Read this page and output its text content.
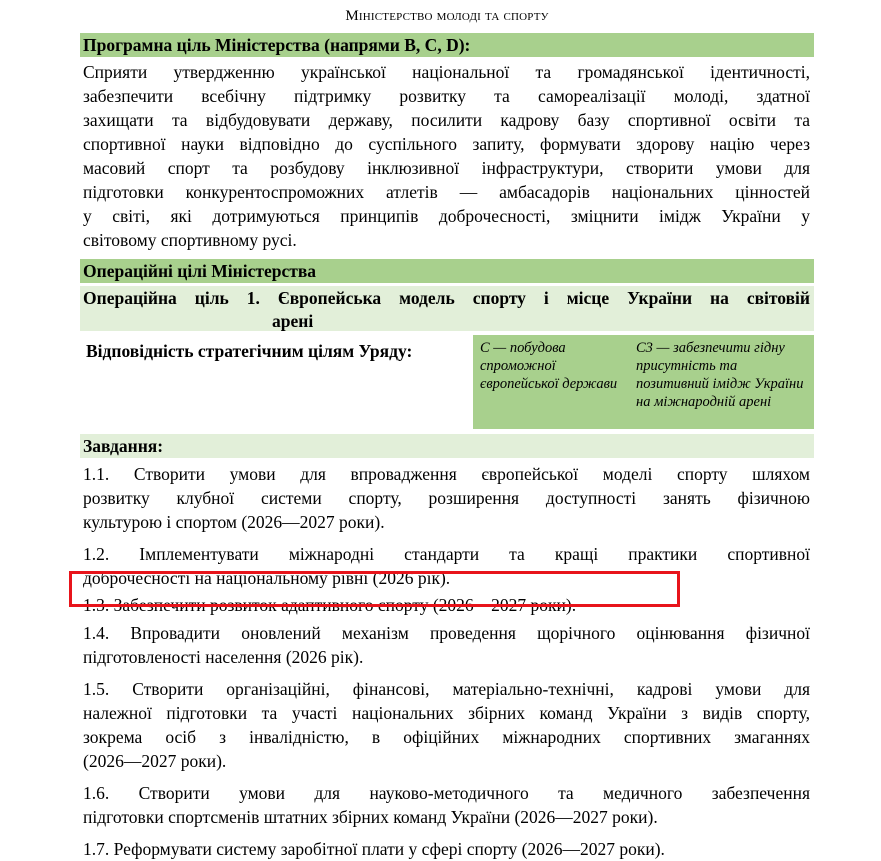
Міністерство молоді та спорту
Програмна ціль Міністерства (напрями B, C, D):
Сприяти утвердженню української національної та громадянської ідентичності,
забезпечити всебічну підтримку розвитку та самореалізації молоді, здатної
захищати та відбудовувати державу, посилити кадрову базу спортивної освіти та
спортивної науки відповідно до суспільного запиту, формувати здорову націю через
масовий спорт та розбудову інклюзивної інфраструктури, створити умови для
підготовки конкурентоспроможних атлетів — амбасадорів національних цінностей
у світі, які дотримуються принципів доброчесності, зміцнити імідж України у
світовому спортивному русі.
Операційні цілі Міністерства
Операційна ціль 1. Європейська модель спорту і місце України на світовій
арені
Відповідність стратегічним цілям Уряду:	C — побудова спроможної європейської держави
C3 — забезпечити гідну присутність та позитивний імідж України на міжнародній арені
Завдання:
1.1. Створити умови для впровадження європейської моделі спорту шляхом
розвитку клубної системи спорту, розширення доступності занять фізичною
культурою і спортом (2026—2027 роки).
1.2. Імплементувати міжнародні стандарти та кращі практики спортивної
доброчесності на національному рівні (2026 рік).
1.3. Забезпечити розвиток адаптивного спорту (2026—2027 роки).
1.4. Впровадити оновлений механізм проведення щорічного оцінювання фізичної
підготовленості населення (2026 рік).
1.5. Створити організаційні, фінансові, матеріально-технічні, кадрові умови для
належної підготовки та участі національних збірних команд України з видів спорту,
зокрема осіб з інвалідністю, в офіційних міжнародних спортивних змаганнях
(2026—2027 роки).
1.6. Створити умови для науково-методичного та медичного забезпечення
підготовки спортсменів штатних збірних команд України (2026—2027 роки).
1.7. Реформувати систему заробітної плати у сфері спорту (2026—2027 роки).
